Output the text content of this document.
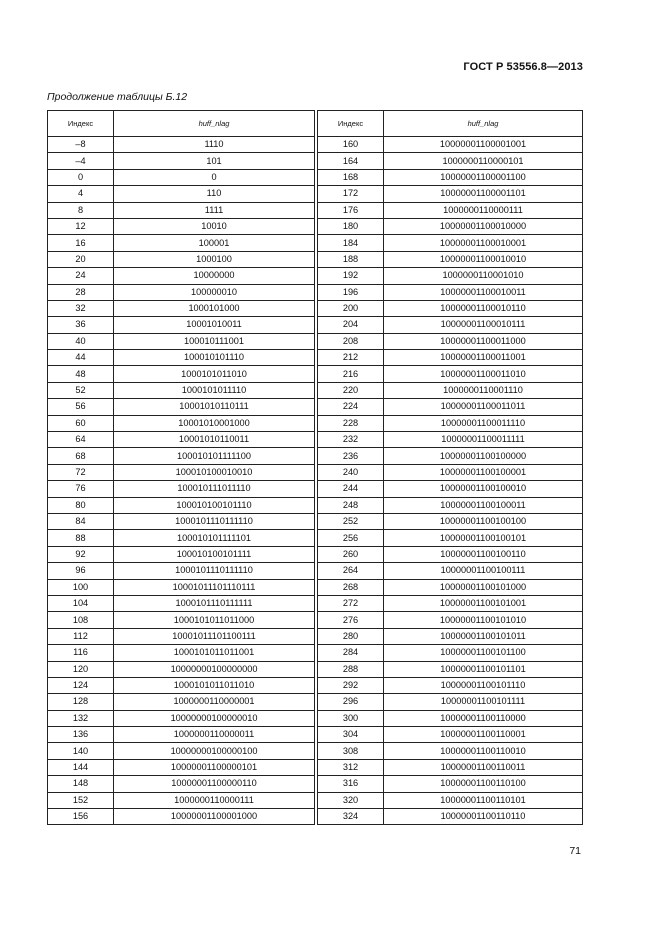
ГОСТ Р 53556.8—2013
Продолжение таблицы Б.12
Индекс	huff_nlag
–8	1110
–4	101
0	0
4	110
8	1111
12	10010
16	100001
20	1000100
24	10000000
28	100000010
32	1000101000
36	10001010011
40	100010111001
44	100010101110
48	1000101011010
52	1000101011110
56	10001010110111
60	10001010001000
64	10001010110011
68	100010101111100
72	100010100010010
76	100010111011110
80	100010100101110
84	1000101110111110
88	100010101111101
92	100010100101111
96	1000101110111110
100	10001011101110111
104	1000101110111111
108	1000101011011000
112	10001011101100111
116	1000101011011001
120	10000000100000000
124	1000101011011010
128	1000000110000001
132	10000000100000010
136	1000000110000011
140	10000000100000100
144	10000001100000101
148	10000001100000110
152	1000000110000111
156	10000001100001000
Индекс	huff_nlag
160	10000001100001001
164	1000000110000101
168	10000001100001100
172	10000001100001101
176	1000000110000111
180	10000001100010000
184	10000001100010001
188	10000001100010010
192	1000000110001010
196	10000001100010011
200	10000001100010110
204	10000001100010111
208	10000001100011000
212	10000001100011001
216	10000001100011010
220	1000000110001110
224	10000001100011011
228	10000001100011110
232	10000001100011111
236	10000001100100000
240	10000001100100001
244	10000001100100010
248	10000001100100011
252	10000001100100100
256	10000001100100101
260	10000001100100110
264	10000001100100111
268	10000001100101000
272	10000001100101001
276	10000001100101010
280	10000001100101011
284	10000001100101100
288	10000001100101101
292	10000001100101110
296	10000001100101111
300	10000001100110000
304	10000001100110001
308	10000001100110010
312	10000001100110011
316	10000001100110100
320	10000001100110101
324	10000001100110110
71
